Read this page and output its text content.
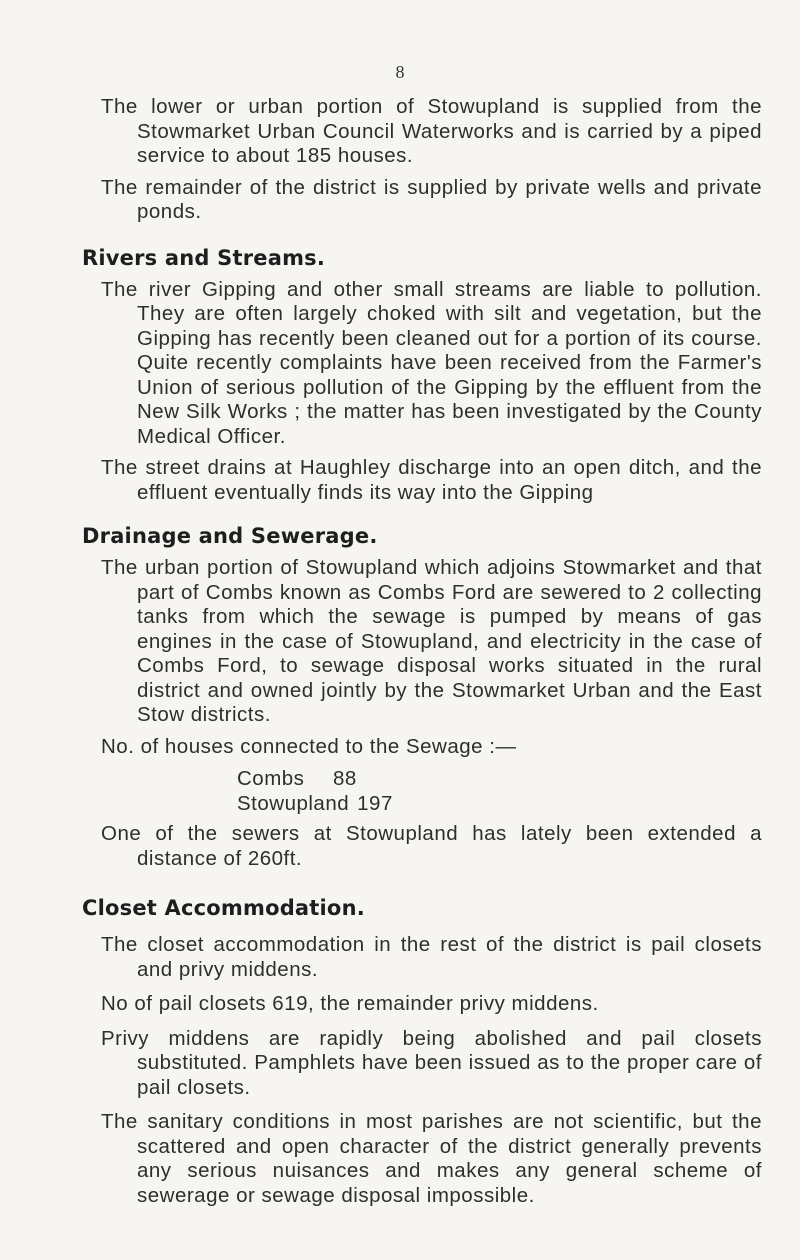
8

The lower or urban portion of Stowupland is supplied from the Stowmarket Urban Council Waterworks and is carried by a piped service to about 185 houses.

The remainder of the district is supplied by private wells and private ponds.

Rivers and Streams.

The river Gipping and other small streams are liable to pollution. They are often largely choked with silt and vegetation, but the Gipping has recently been cleaned out for a portion of its course. Quite recently complaints have been received from the Farmer's Union of serious pollution of the Gipping by the effluent from the New Silk Works ; the matter has been investigated by the County Medical Officer.

The street drains at Haughley discharge into an open ditch, and the effluent eventually finds its way into the Gipping

Drainage and Sewerage.

The urban portion of Stowupland which adjoins Stowmarket and that part of Combs known as Combs Ford are sewered to 2 collecting tanks from which the sewage is pumped by means of gas engines in the case of Stowupland, and electricity in the case of Combs Ford, to sewage disposal works situated in the rural district and owned jointly by the Stowmarket Urban and the East Stow districts.

No. of houses connected to the Sewage :—

Combs	88
Stowupland 197

One of the sewers at Stowupland has lately been extended a distance of 260ft.

Closet Accommodation.

The closet accommodation in the rest of the district is pail closets and privy middens.

No of pail closets 619, the remainder privy middens.

Privy middens are rapidly being abolished and pail closets substituted. Pamphlets have been issued as to the proper care of pail closets.

The sanitary conditions in most parishes are not scientific, but the scattered and open character of the district generally prevents any serious nuisances and makes any general scheme of sewerage or sewage disposal impossible.
